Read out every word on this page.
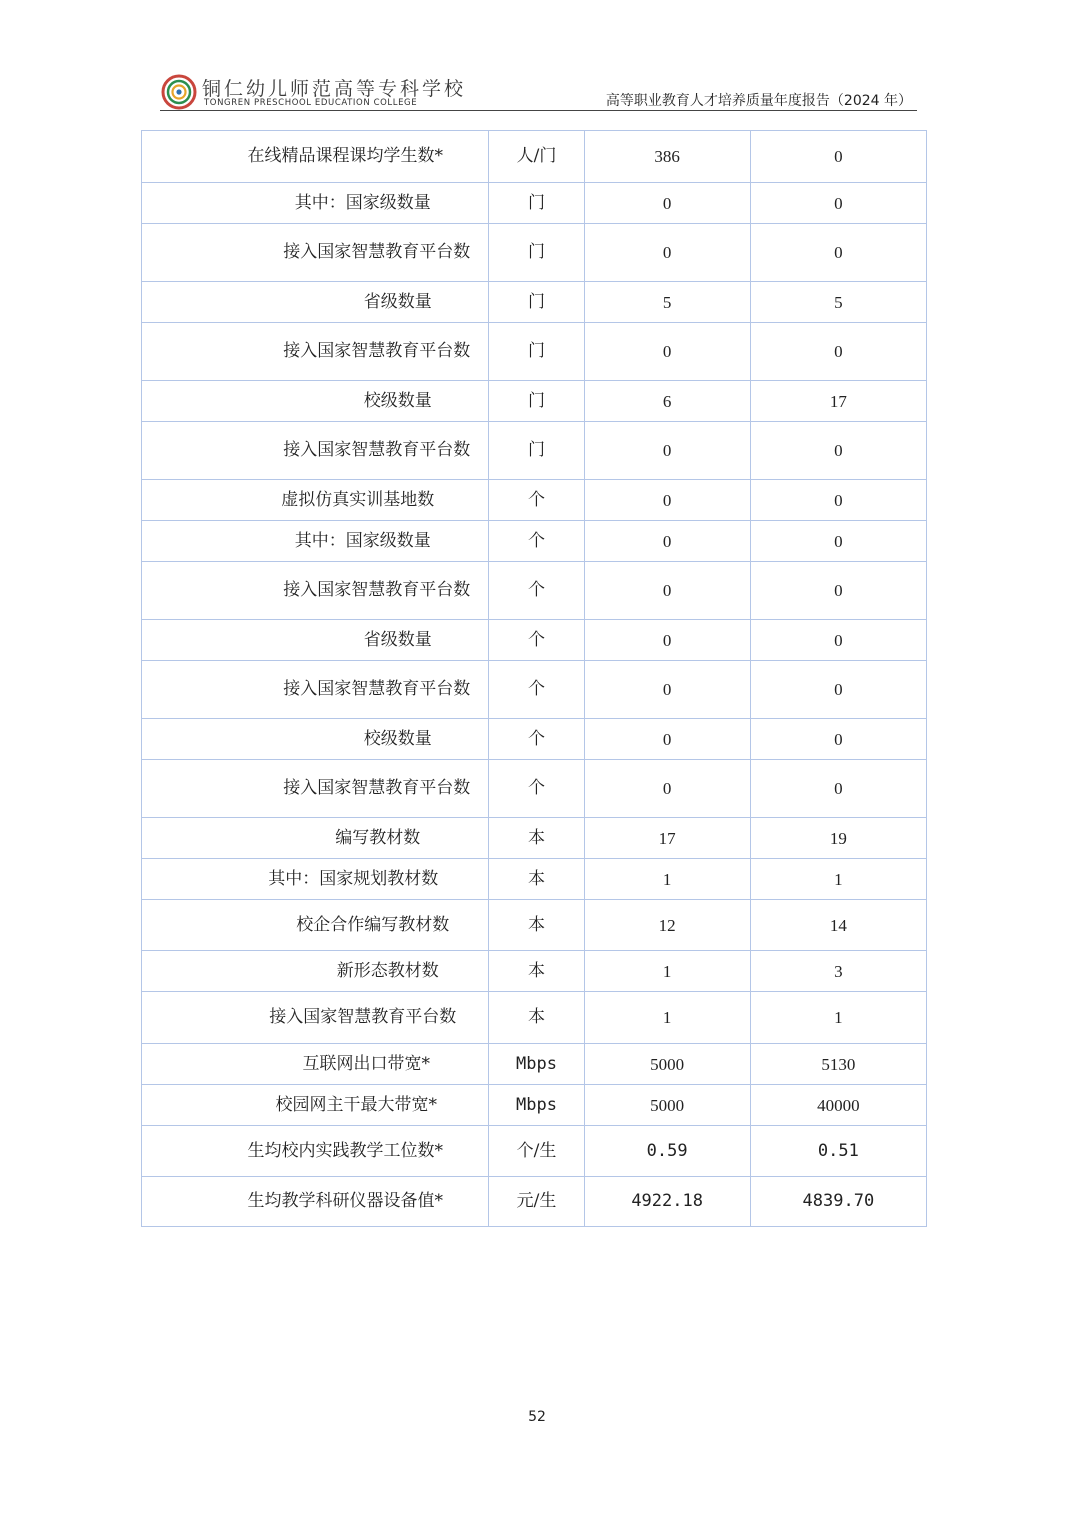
铜仁幼儿师范高等专科学校
TONGREN PRESCHOOL EDUCATION COLLEGE	高等职业教育人才培养质量年度报告（2024 年）
在线精品课程课均学生数*	人/门	386	0
其中：国家级数量	门	0	0
接入国家智慧教育平台数	门	0	0
省级数量	门	5	5
接入国家智慧教育平台数	门	0	0
校级数量	门	6	17
接入国家智慧教育平台数	门	0	0
虚拟仿真实训基地数	个	0	0
其中：国家级数量	个	0	0
接入国家智慧教育平台数	个	0	0
省级数量	个	0	0
接入国家智慧教育平台数	个	0	0
校级数量	个	0	0
接入国家智慧教育平台数	个	0	0
编写教材数	本	17	19
其中：国家规划教材数	本	1	1
校企合作编写教材数	本	12	14
新形态教材数	本	1	3
接入国家智慧教育平台数	本	1	1
互联网出口带宽*	Mbps	5000	5130
校园网主干最大带宽*	Mbps	5000	40000
生均校内实践教学工位数*	个/生	0.59	0.51
生均教学科研仪器设备值*	元/生	4922.18	4839.70
52
